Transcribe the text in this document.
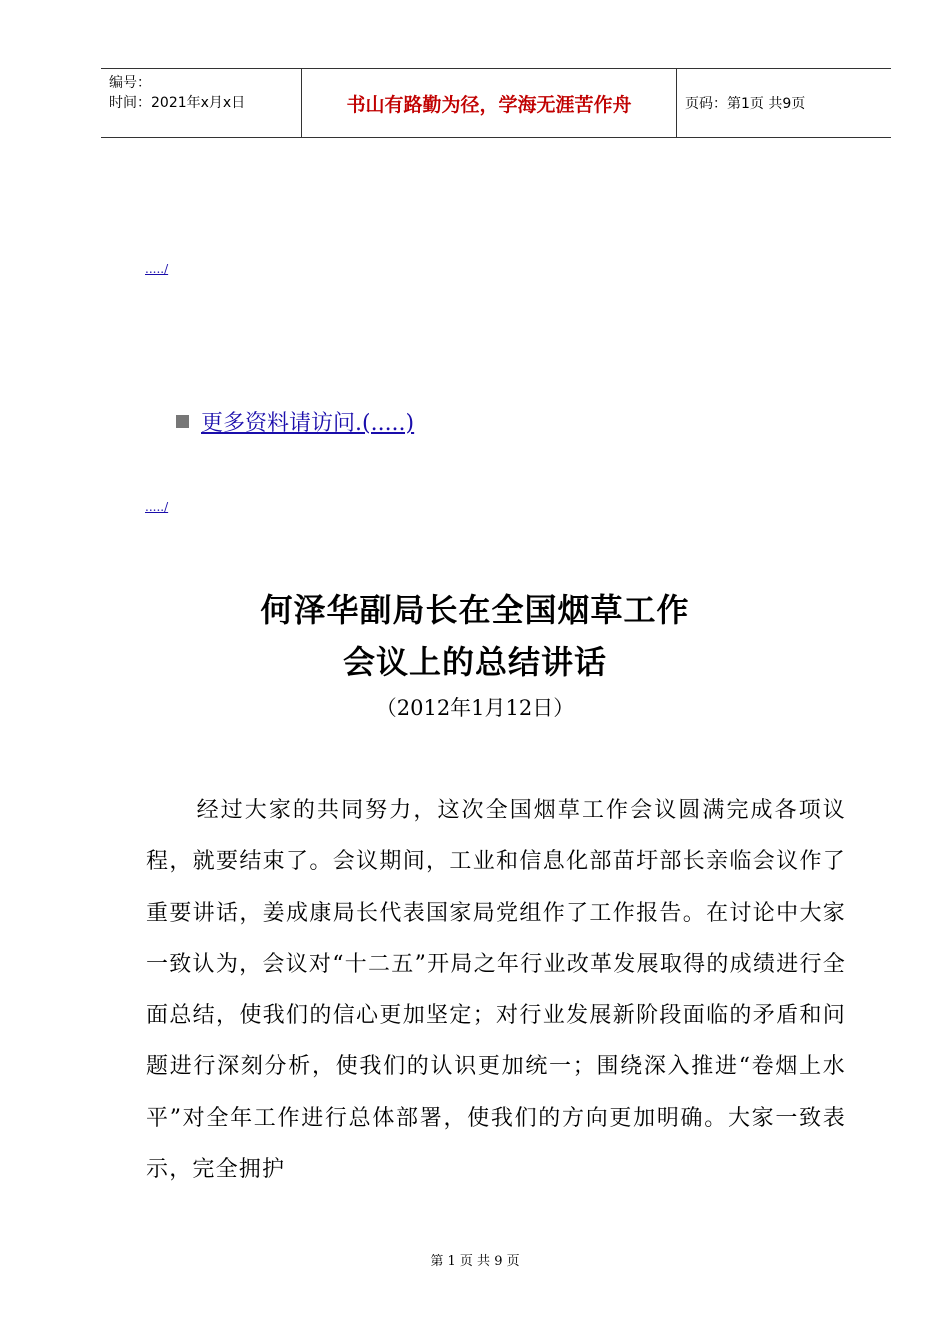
编号：
时间：2021年x月x日	书山有路勤为径，学海无涯苦作舟	页码：第1页 共9页
...../
更多资料请访问.(.....)
...../
何泽华副局长在全国烟草工作
会议上的总结讲话
（2012年1月12日）

经过大家的共同努力，这次全国烟草工作会议圆满完成各项议程，就要结束了。会议期间，工业和信息化部苗圩部长亲临会议作了重要讲话，姜成康局长代表国家局党组作了工作报告。在讨论中大家一致认为，会议对“十二五”开局之年行业改革发展取得的成绩进行全面总结，使我们的信心更加坚定；对行业发展新阶段面临的矛盾和问题进行深刻分析，使我们的认识更加统一；围绕深入推进“卷烟上水平”对全年工作进行总体部署，使我们的方向更加明确。大家一致表示，完全拥护

第 1 页 共 9 页
